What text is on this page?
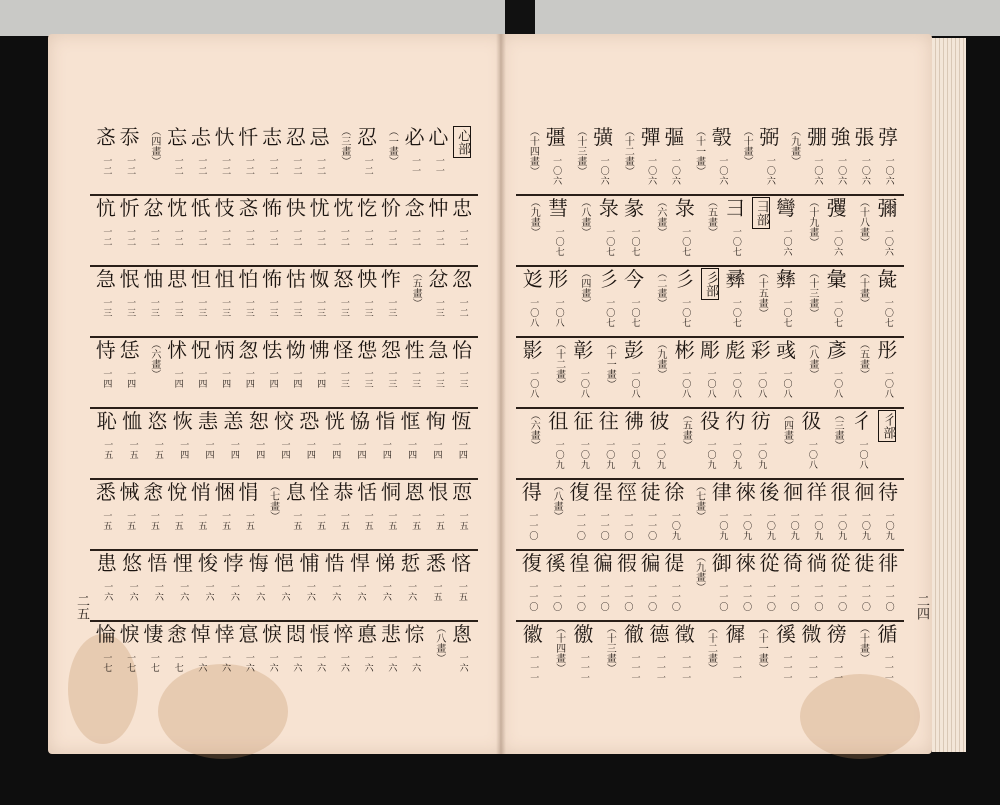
二五
心部
心
一一
必
一一
（一畫）
忍
一二
（三畫）
忌
一二
忍
一二
志
一二
忏
一二
忕
一二
忐
一二
忘
一二
（四畫）
忝
一二
忞
一二
忠
一二
忡
一二
念
一二
忦
一二
忔
一二
忱
一二
忧
一二
快
一二
怖
一二
忞
一二
忮
一二
忯
一二
忱
一二
忿
一二
忻
一二
忼
一二
忽
一二
忿
一三
（五畫）
怍
一三
怏
一三
怒
一三
怓
一三
怙
一三
怖
一三
怕
一三
怚
一三
怛
一三
思
一三
怞
一三
怋
一三
急
一三
怡
一三
急
一三
性
一三
怨
一三
怹
一三
怪
一三
怫
一四
怮
一四
怯
一四
怱
一四
怲
一四
怳
一四
怵
一四
（六畫）
恁
一四
恃
一四
恆
一四
恂
一四
恇
一四
恉
一四
恊
一四
恍
一四
恐
一四
恔
一四
恕
一四
恙
一四
恚
一四
恢
一四
恣
一五
恤
一五
恥
一五
恧
一五
恨
一五
恩
一五
恫
一五
恬
一五
恭
一五
恮
一五
息
一五
（七畫）
悁
一五
悃
一五
悄
一五
悅
一五
悆
一五
悈
一五
悉
一五
悋
一五
悉
一五
悊
一六
悌
一六
悍
一六
悎
一六
悑
一六
悒
一六
悔
一六
悖
一六
悛
一六
悝
一六
悟
一六
悠
一六
患
一六
悤
一六
（八畫）
悰
一六
悲
一六
悳
一六
悴
一六
悵
一六
悶
一六
悷
一六
悹
一六
悻
一六
悼
一六
悆
一七
悽
一七
悷
一七
惀
一七
二四
弴
一〇六
張
一〇六
強
一〇六
弸
一〇六
（九畫）
弼
一〇六
（十畫）
彀
一〇六
（十一畫）
彄
一〇六
彈
一〇六
（十二畫）
彉
一〇六
（十三畫）
彊
一〇六
（十四畫）
彌
一〇六
（十八畫）
彏
一〇六
（十九畫）
彎
一〇六
彐部
彐
一〇七
（五畫）
彔
一〇七
（六畫）
彖
一〇七
彔
一〇七
（八畫）
彗
一〇七
（九畫）
彘
一〇七
（十畫）
彙
一〇七
（十三畫）
彝
一〇七
（十五畫）
彞
一〇七
彡部
彡
一〇七
（二畫）
今
一〇七
彡
一〇七
（四畫）
形
一〇八
彣
一〇八
彤
一〇八
（五畫）
彥
一〇八
（八畫）
彧
一〇八
彩
一〇八
彪
一〇八
彫
一〇八
彬
一〇八
（九畫）
彭
一〇八
（十一畫）
彰
一〇八
（十二畫）
影
一〇八
彳部
彳
一〇八
（三畫）
彶
一〇八
（四畫）
彷
一〇九
彴
一〇九
役
一〇九
（五畫）
彼
一〇九
彿
一〇九
往
一〇九
征
一〇九
徂
一〇九
（六畫）
待
一〇九
徊
一〇九
很
一〇九
徉
一〇九
徊
一〇九
後
一〇九
徠
一〇九
律
一〇九
（七畫）
徐
一〇九
徒
一一〇
徑
一一〇
徎
一一〇
復
一一〇
（八畫）
得
一一〇
徘
一一〇
徙
一一〇
從
一一〇
徜
一一〇
徛
一一〇
從
一一〇
徠
一一〇
御
一一〇
（九畫）
徥
一一〇
徧
一一〇
徦
一一〇
徧
一一〇
徨
一一〇
徯
一一〇
復
一一〇
循
一一一
（十畫）
徬
一一一
微
一一一
徯
一一一
（十一畫）
徲
一一一
（十二畫）
徵
一一一
德
一一一
徹
一一一
（十三畫）
徼
一一一
（十四畫）
徽
一一一
